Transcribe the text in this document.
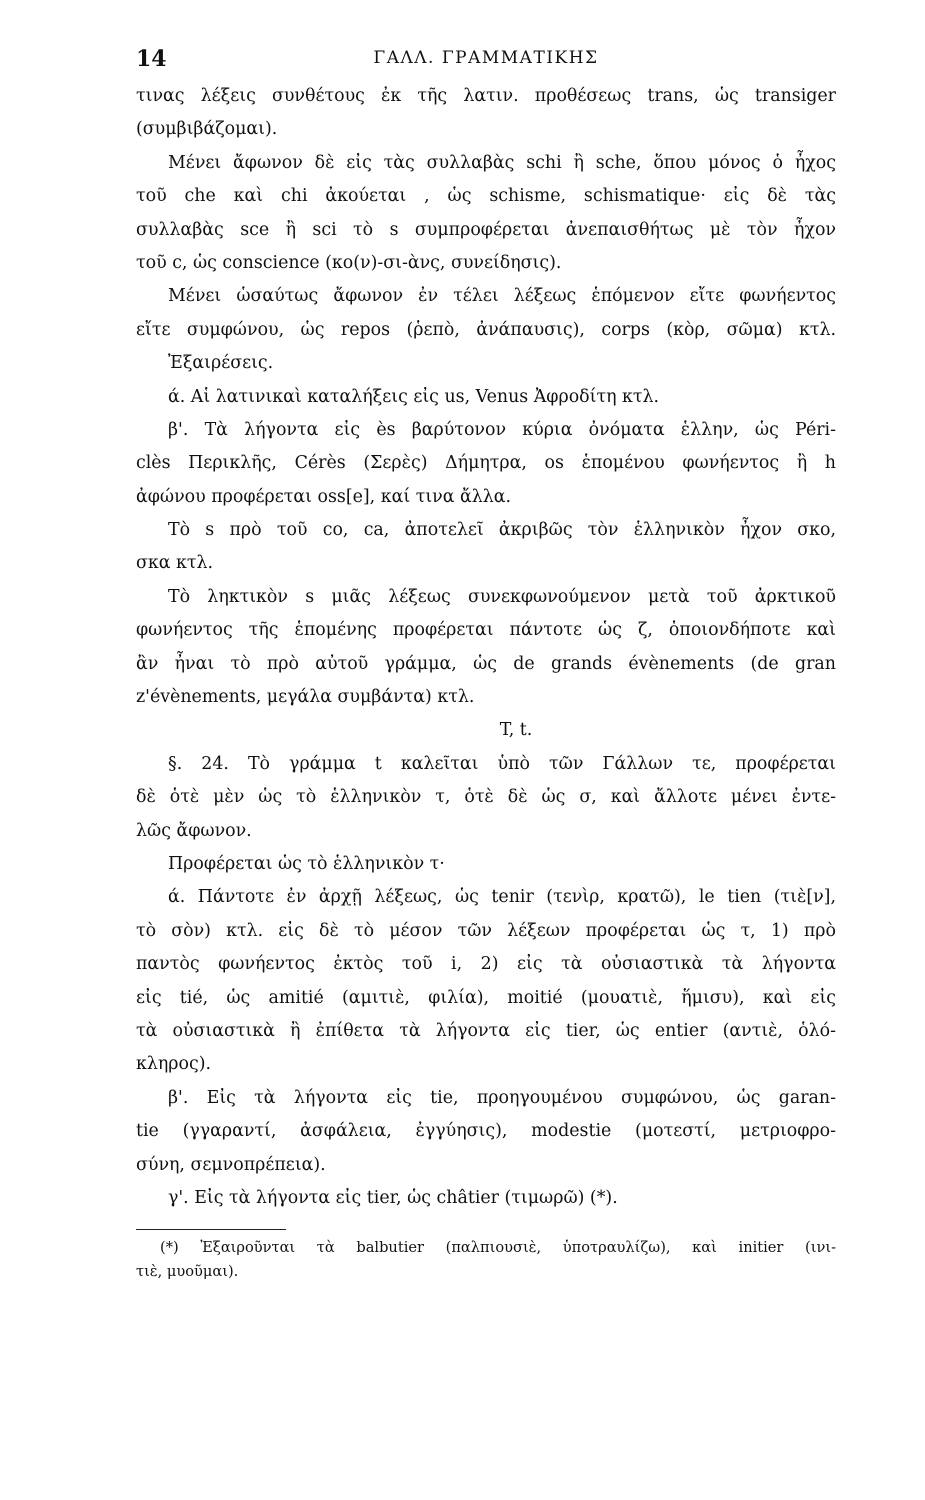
14	ΓΑΛΛ. ΓΡΑΜΜΑΤΙΚΗΣ
τινας λέξεις συνθέτους ἐκ τῆς λατιν. προθέσεως trans, ὡς transiger
(συμβιβάζομαι).
Μένει ἄφωνον δὲ εἰς τὰς συλλαβὰς schi ἢ sche, ὅπου μόνος ὁ ἦχος
τοῦ che καὶ chi ἀκούεται , ὡς schisme, schismatique· εἰς δὲ τὰς
συλλαβὰς sce ἢ sci τὸ s συμπροφέρεται ἀνεπαισθήτως μὲ τὸν ἦχον
τοῦ c, ὡς conscience (κο(ν)-σι-ὰνς, συνείδησις).
Μένει ὡσαύτως ἄφωνον ἐν τέλει λέξεως ἑπόμενον εἴτε φωνήεντος
εἴτε συμφώνου, ὡς repos (ῥεπὸ, ἀνάπαυσις), corps (κὸρ, σῶμα) κτλ.
Ἐξαιρέσεις.
ά. Αἱ λατινικαὶ καταλήξεις εἰς us, Venus Ἀφροδίτη κτλ.
β'. Τὰ λήγοντα εἰς ès βαρύτονον κύρια ὀνόματα ἑλλην, ὡς Péri-
clès Περικλῆς, Cérès (Σερὲς) Δήμητρα, os ἑπομένου φωνήεντος ἢ h
ἀφώνου προφέρεται oss[e], καί τινα ἄλλα.
Τὸ s πρὸ τοῦ co, ca, ἀποτελεῖ ἀκριβῶς τὸν ἑλληνικὸν ἦχον σκο,
σκα κτλ.
Τὸ ληκτικὸν s μιᾶς λέξεως συνεκφωνούμενον μετὰ τοῦ ἀρκτικοῦ
φωνήεντος τῆς ἑπομένης προφέρεται πάντοτε ὡς ζ, ὁποιονδήποτε καὶ
ἂν ἦναι τὸ πρὸ αὐτοῦ γράμμα, ὡς de grands évènements (de gran
z'évènements, μεγάλα συμβάντα) κτλ.
T, t.
§. 24. Τὸ γράμμα t καλεῖται ὑπὸ τῶν Γάλλων τε, προφέρεται
δὲ ὁτὲ μὲν ὡς τὸ ἑλληνικὸν τ, ὁτὲ δὲ ὡς σ, καὶ ἄλλοτε μένει ἐντε-
λῶς ἄφωνον.
Προφέρεται ὡς τὸ ἑλληνικὸν τ·
ά. Πάντοτε ἐν ἀρχῇ λέξεως, ὡς tenir (τενὶρ, κρατῶ), le tien (τιὲ[ν],
τὸ σὸν) κτλ. εἰς δὲ τὸ μέσον τῶν λέξεων προφέρεται ὡς τ, 1) πρὸ
παντὸς φωνήεντος ἐκτὸς τοῦ i, 2) εἰς τὰ οὐσιαστικὰ τὰ λήγοντα
εἰς tié, ὡς amitié (αμιτιὲ, φιλία), moitié (μουατιὲ, ἥμισυ), καὶ εἰς
τὰ οὐσιαστικὰ ἢ ἐπίθετα τὰ λήγοντα εἰς tier, ὡς entier (αντιὲ, ὁλό-
κληρος).
β'. Εἰς τὰ λήγοντα εἰς tie, προηγουμένου συμφώνου, ὡς garan-
tie (γγαραντί, ἀσφάλεια, ἐγγύησις), modestie (μοτεστί, μετριοφρο-
σύνη, σεμνοπρέπεια).
γ'. Εἰς τὰ λήγοντα εἰς tier, ὡς châtier (τιμωρῶ) (*).
(*) Ἐξαιροῦνται τὰ balbutier (παλπιουσιὲ, ὑποτραυλίζω), καὶ initier (ινι-
τιὲ, μυοῦμαι).
